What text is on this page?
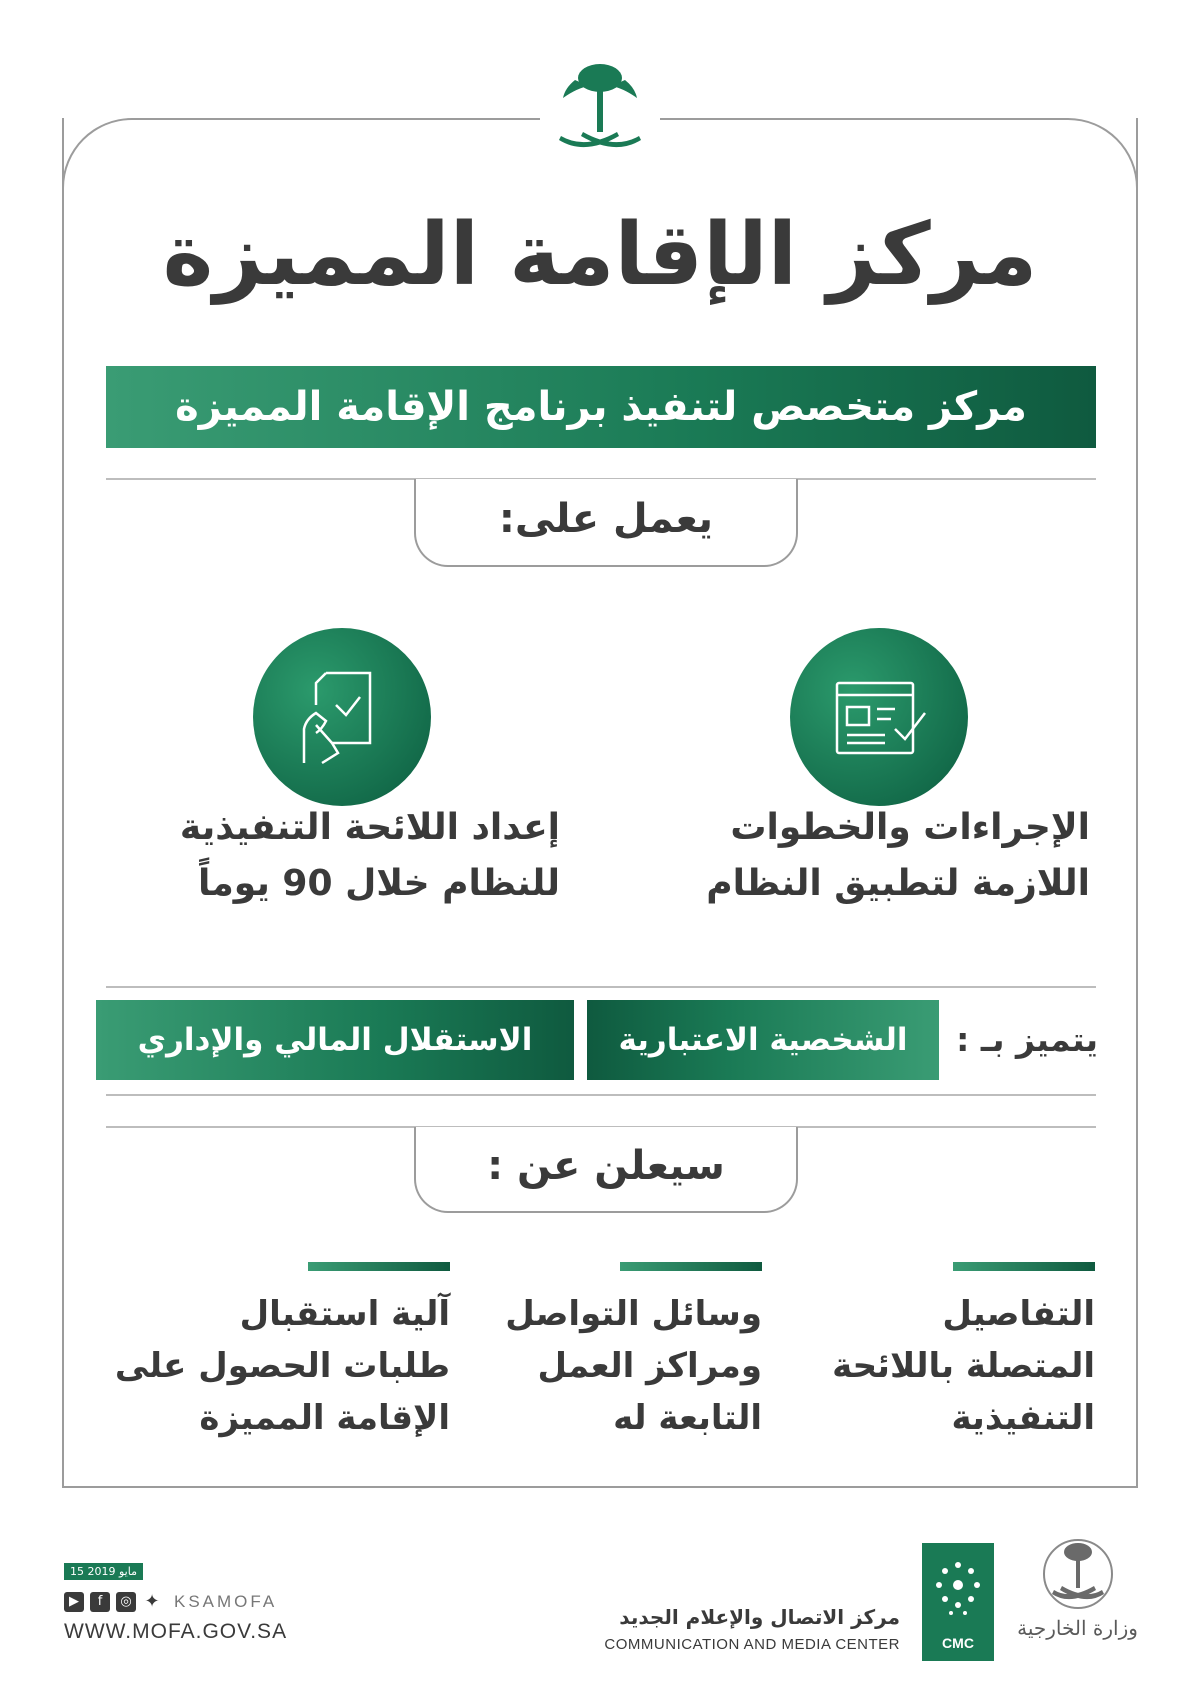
مركز الإقامة المميزة
مركز متخصص لتنفيذ برنامج الإقامة المميزة
يعمل على:
الإجراءات والخطوات
اللازمة لتطبيق النظام
إعداد اللائحة التنفيذية
للنظام خلال 90 يوماً
يتميز بـ :
الشخصية الاعتبارية
الاستقلال المالي والإداري
سيعلن عن :
التفاصيل
المتصلة باللائحة
التنفيذية
وسائل التواصل
ومراكز العمل
التابعة له
آلية استقبال
طلبات الحصول على
الإقامة المميزة
15 مايو 2019
▶	f	◎ ✦ KSAMOFA
WWW.MOFA.GOV.SA
مركز الاتصال والإعلام الجديد
COMMUNICATION AND MEDIA CENTER	CMC
وزارة الخارجية
